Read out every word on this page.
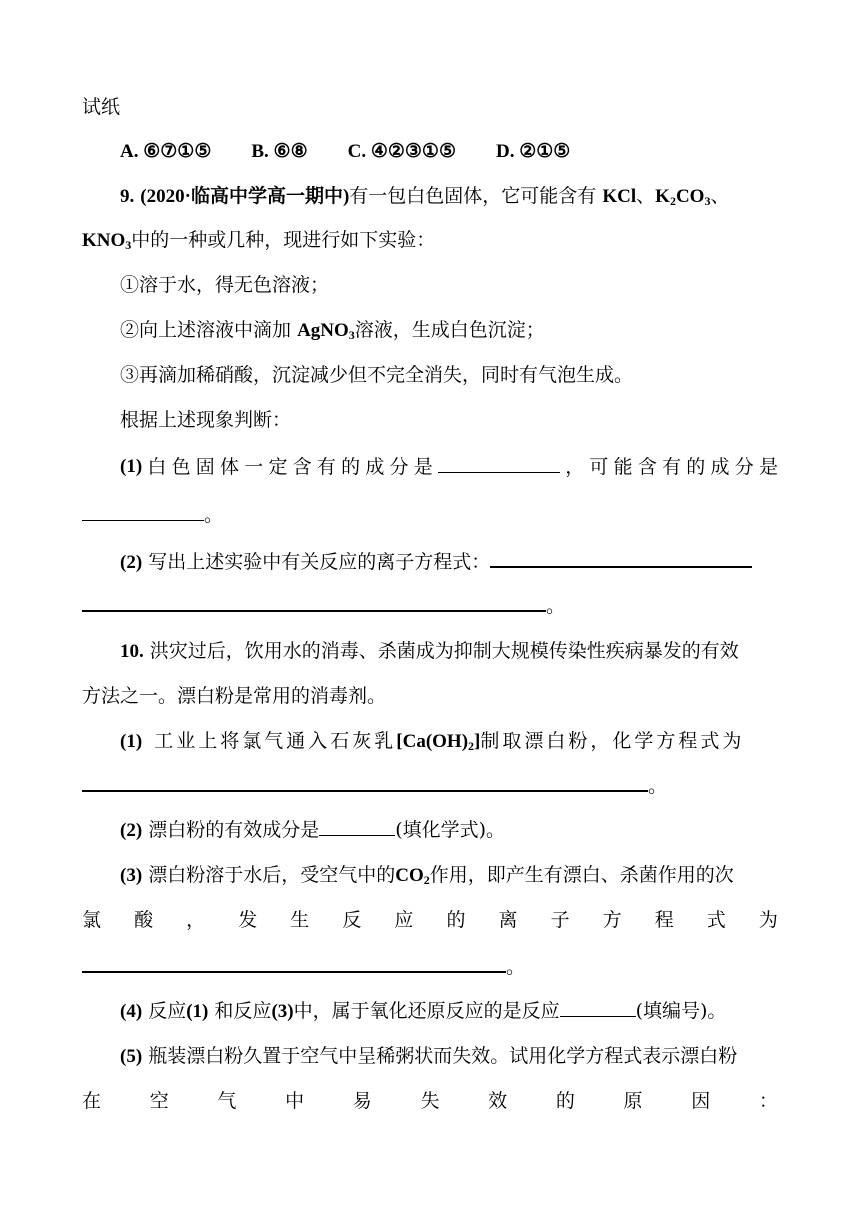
试纸
A. ⑥⑦①⑤ B. ⑥⑧ C. ④②③①⑤ D. ②①⑤
9. (2020·临高中学高一期中)有一包白色固体，它可能含有 KCl、$K_2CO_3$、
$KNO_3$中的一种或几种，现进行如下实验：
①溶于水，得无色溶液；
②向上述溶液中滴加 AgNO$_3$溶液，生成白色沉淀；
③再滴加稀硝酸，沉淀减少但不完全消失，同时有气泡生成。
根据上述现象判断：
(1) 白 色 固 体 一 定 含 有 的 成 分 是	， 可 能 含 有 的 成 分 是
。
(2) 写出上述实验中有关反应的离子方程式：
。
10. 洪灾过后，饮用水的消毒、杀菌成为抑制大规模传染性疾病暴发的有效
方法之一。漂白粉是常用的消毒剂。
(1) 工业上将氯气通入石灰乳$[Ca(OH)_2]$制取漂白粉，化学方程式为
。
(2) 漂白粉的有效成分是	(填化学式)。
(3) 漂白粉溶于水后，受空气中的$CO_2$作用，即产生有漂白、杀菌作用的次
氯 酸 ， 发 生 反 应 的 离 子 方 程 式 为
。
(4) 反应(1) 和反应(3)中，属于氧化还原反应的是反应	(填编号)。
(5) 瓶装漂白粉久置于空气中呈稀粥状而失效。试用化学方程式表示漂白粉
在	空	气	中	易	失	效	的	原	因	：
